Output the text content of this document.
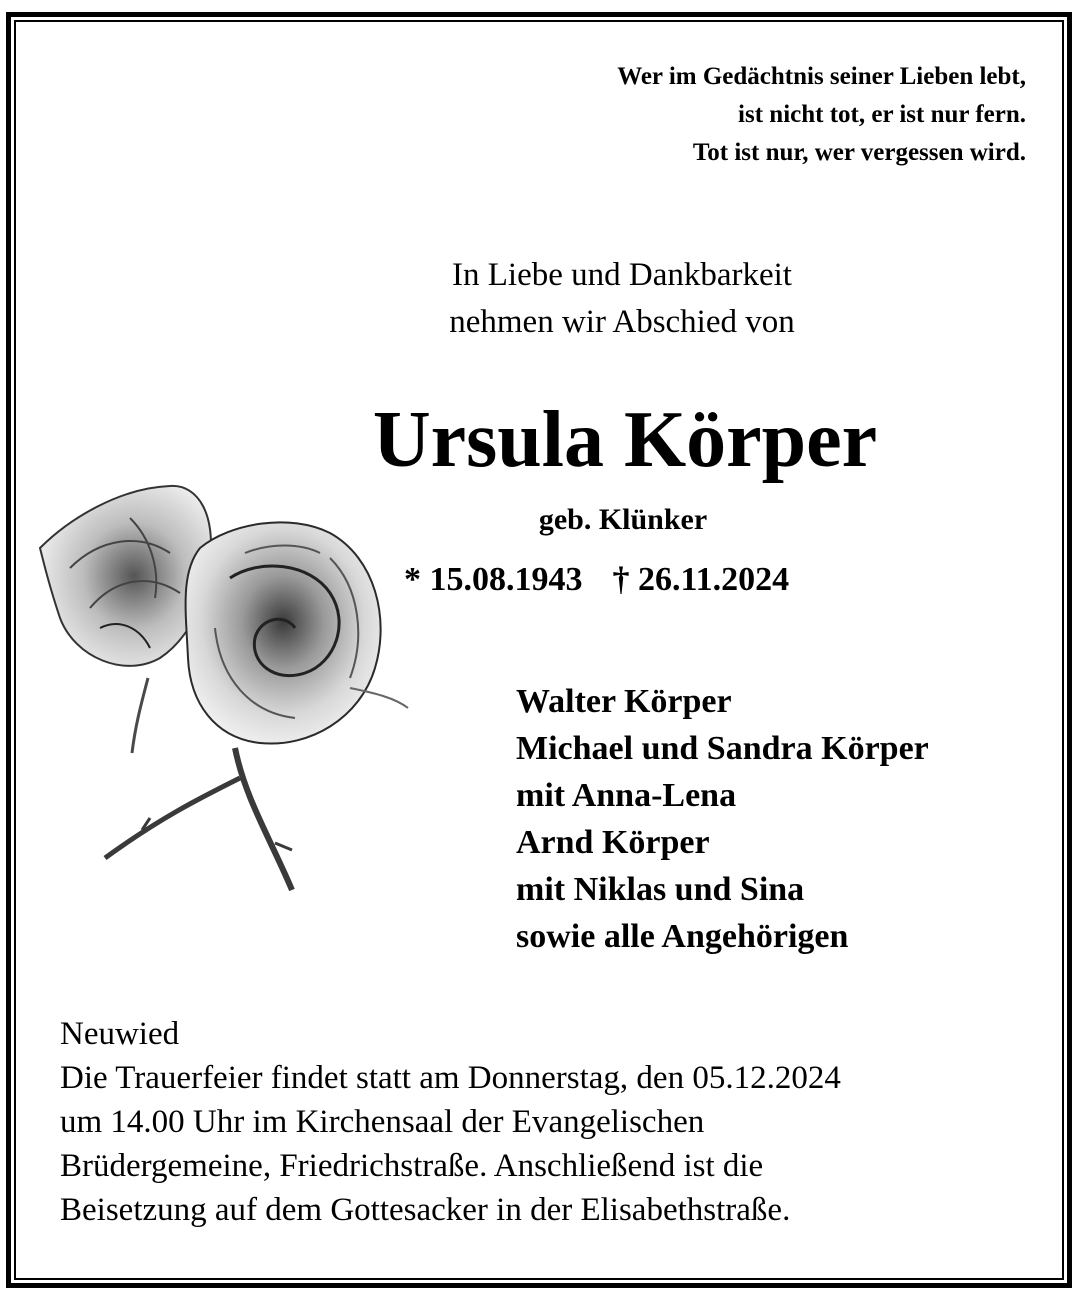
Wer im Gedächtnis seiner Lieben lebt,
ist nicht tot, er ist nur fern.
Tot ist nur, wer vergessen wird.
In Liebe und Dankbarkeit
nehmen wir Abschied von
Ursula Körper
geb. Klünker
* 15.08.1943 † 26.11.2024
Walter Körper
Michael und Sandra Körper
mit Anna-Lena
Arnd Körper
mit Niklas und Sina
sowie alle Angehörigen
Neuwied
Die Trauerfeier findet statt am Donnerstag, den 05.12.2024
um 14.00 Uhr im Kirchensaal der Evangelischen
Brüdergemeine, Friedrichstraße. Anschließend ist die
Beisetzung auf dem Gottesacker in der Elisabethstraße.
